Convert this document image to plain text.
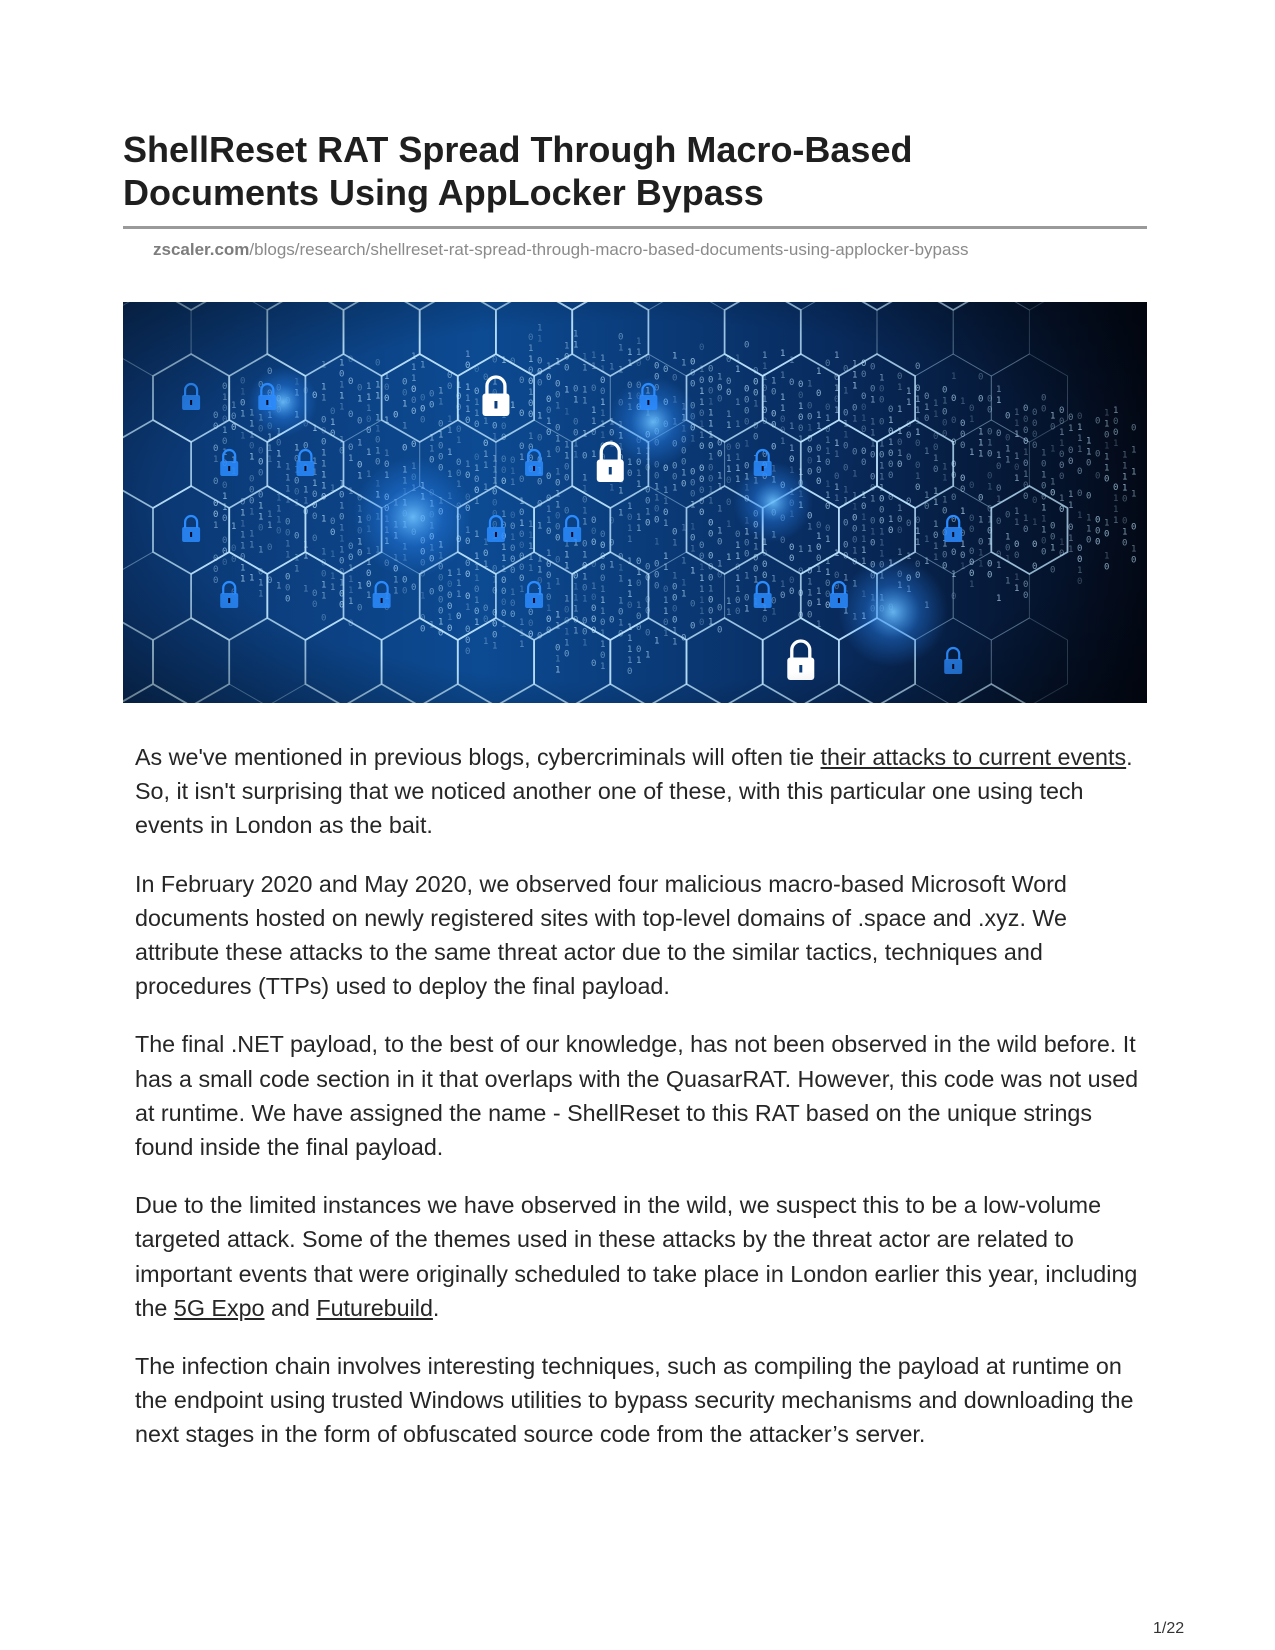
ShellReset RAT Spread Through Macro-Based
Documents Using AppLocker Bypass
zscaler.com/blogs/research/shellreset-rat-spread-through-macro-based-documents-using-applocker-bypass

As we've mentioned in previous blogs, cybercriminals will often tie their attacks to current events. So, it isn't surprising that we noticed another one of these, with this particular one using tech events in London as the bait.

In February 2020 and May 2020, we observed four malicious macro-based Microsoft Word documents hosted on newly registered sites with top-level domains of .space and .xyz. We attribute these attacks to the same threat actor due to the similar tactics, techniques and procedures (TTPs) used to deploy the final payload.

The final .NET payload, to the best of our knowledge, has not been observed in the wild before. It has a small code section in it that overlaps with the QuasarRAT. However, this code was not used at runtime. We have assigned the name - ShellReset to this RAT based on the unique strings found inside the final payload.

Due to the limited instances we have observed in the wild, we suspect this to be a low-volume targeted attack. Some of the themes used in these attacks by the threat actor are related to important events that were originally scheduled to take place in London earlier this year, including the 5G Expo and Futurebuild.

The infection chain involves interesting techniques, such as compiling the payload at runtime on the endpoint using trusted Windows utilities to bypass security mechanisms and downloading the next stages in the form of obfuscated source code from the attacker’s server.

1/22
